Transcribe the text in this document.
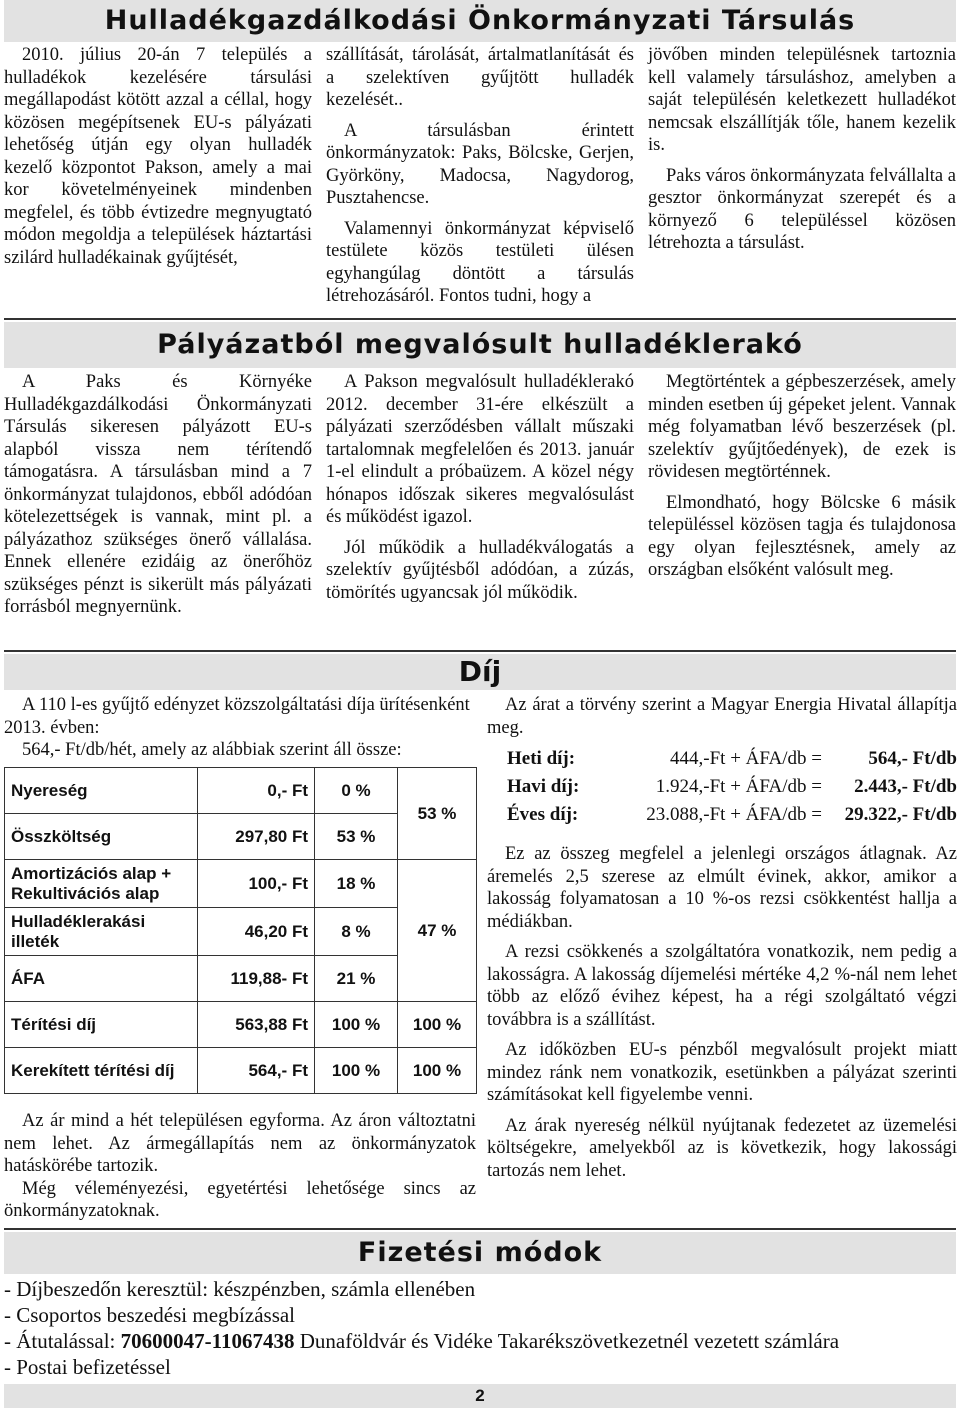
Hulladékgazdálkodási Önkormányzati Társulás

2010. július 20-án 7 település a hulladékok kezelésére társulási megállapodást kötött azzal a céllal, hogy közösen megépítsenek EU-s pályázati lehetőség útján egy olyan hulladék kezelő központot Pakson, amely a mai kor követelményeinek mindenben megfelel, és több évtizedre megnyugtató módon megoldja a települések háztartási szilárd hulladékainak gyűjtését,

szállítását, tárolását, ártalmatlanítását és a szelektíven gyűjtött hulladék kezelését..

A társulásban érintett önkormányzatok: Paks, Bölcske, Gerjen, Györköny, Madocsa, Nagydorog, Pusztahencse.

Valamennyi önkormányzat képviselő testülete közös testületi ülésen egyhangúlag döntött a társulás létrehozásáról. Fontos tudni, hogy a

jövőben minden településnek tartoznia kell valamely társuláshoz, amelyben a saját településén keletkezett hulladékot nemcsak elszállítják tőle, hanem kezelik is.

Paks város önkormányzata felvállalta a gesztor önkormányzat szerepét és a környező 6 településsel közösen létrehozta a társulást.

Pályázatból megvalósult hulladéklerakó

A Paks és Környéke Hulladékgazdálkodási Önkormányzati Társulás sikeresen pályázott EU-s alapból vissza nem térítendő támogatásra. A társulásban mind a 7 önkormányzat tulajdonos, ebből adódóan kötelezettségek is vannak, mint pl. a pályázathoz szükséges önerő vállalása. Ennek ellenére ezidáig az önerőhöz szükséges pénzt is sikerült más pályázati forrásból megnyernünk.

A Pakson megvalósult hulladéklerakó 2012. december 31-ére elkészült a pályázati szerződésben vállalt műszaki tartalomnak megfelelően és 2013. január 1-el elindult a próbaüzem. A közel négy hónapos időszak sikeres megvalósulást és működést igazol.

Jól működik a hulladékválogatás a szelektív gyűjtésből adódóan, a zúzás, tömörítés ugyancsak jól működik.

Megtörténtek a gépbeszerzések, amely minden esetben új gépeket jelent. Vannak még folyamatban lévő beszerzések (pl. szelektív gyűjtőedények), de ezek is rövidesen megtörténnek.

Elmondható, hogy Bölcske 6 másik településsel közösen tagja és tulajdonosa egy olyan fejlesztésnek, amely az országban elsőként valósult meg.

Díj

A 110 l-es gyűjtő edényzet közszolgáltatási díja ürítésenként 2013. évben:

564,- Ft/db/hét, amely az alábbiak szerint áll össze:

Nyereség	0,- Ft	0 %	53 %
Összköltség	297,80 Ft	53 %	
Amortizációs alap + Rekultivációs alap	100,- Ft	18 %	47 %
Hulladéklerakási illeték	46,20 Ft	8 %	
ÁFA	119,88- Ft	21 %	
Térítési díj	563,88 Ft	100 %	100 %
Kerekített térítési díj	564,- Ft	100 %	100 %

Az ár mind a hét településen egyforma. Az áron változtatni nem lehet. Az ármegállapítás nem az önkormányzatok hatáskörébe tartozik.

Még véleményezési, egyetértési lehetősége sincs az önkormányzatoknak.

Az árat a törvény szerint a Magyar Energia Hivatal állapítja meg.

Heti díj:	444,-Ft + ÁFA/db = 564,- Ft/db
Havi díj:	1.924,-Ft + ÁFA/db = 2.443,- Ft/db
Éves díj:	23.088,-Ft + ÁFA/db = 29.322,- Ft/db

Ez az összeg megfelel a jelenlegi országos átlagnak. Az áremelés 2,5 szerese az elmúlt évinek, akkor, amikor a lakosság folyamatosan a 10 %-os rezsi csökkentést hallja a médiákban.

A rezsi csökkenés a szolgáltatóra vonatkozik, nem pedig a lakosságra. A lakosság díjemelési mértéke 4,2 %-nál nem lehet több az előző évihez képest, ha a régi szolgáltató végzi továbbra is a szállítást.

Az időközben EU-s pénzből megvalósult projekt miatt mindez ránk nem vonatkozik, esetünkben a pályázat szerinti számításokat kell figyelembe venni.

Az árak nyereség nélkül nyújtanak fedezetet az üzemelési költségekre, amelyekből az is következik, hogy lakossági tartozás nem lehet.

Fizetési módok
- Díjbeszedőn keresztül: készpénzben, számla ellenében
- Csoportos beszedési megbízással
- Átutalással: 70600047-11067438 Dunaföldvár és Vidéke Takarékszövetkezetnél vezetett számlára
- Postai befizetéssel
2
